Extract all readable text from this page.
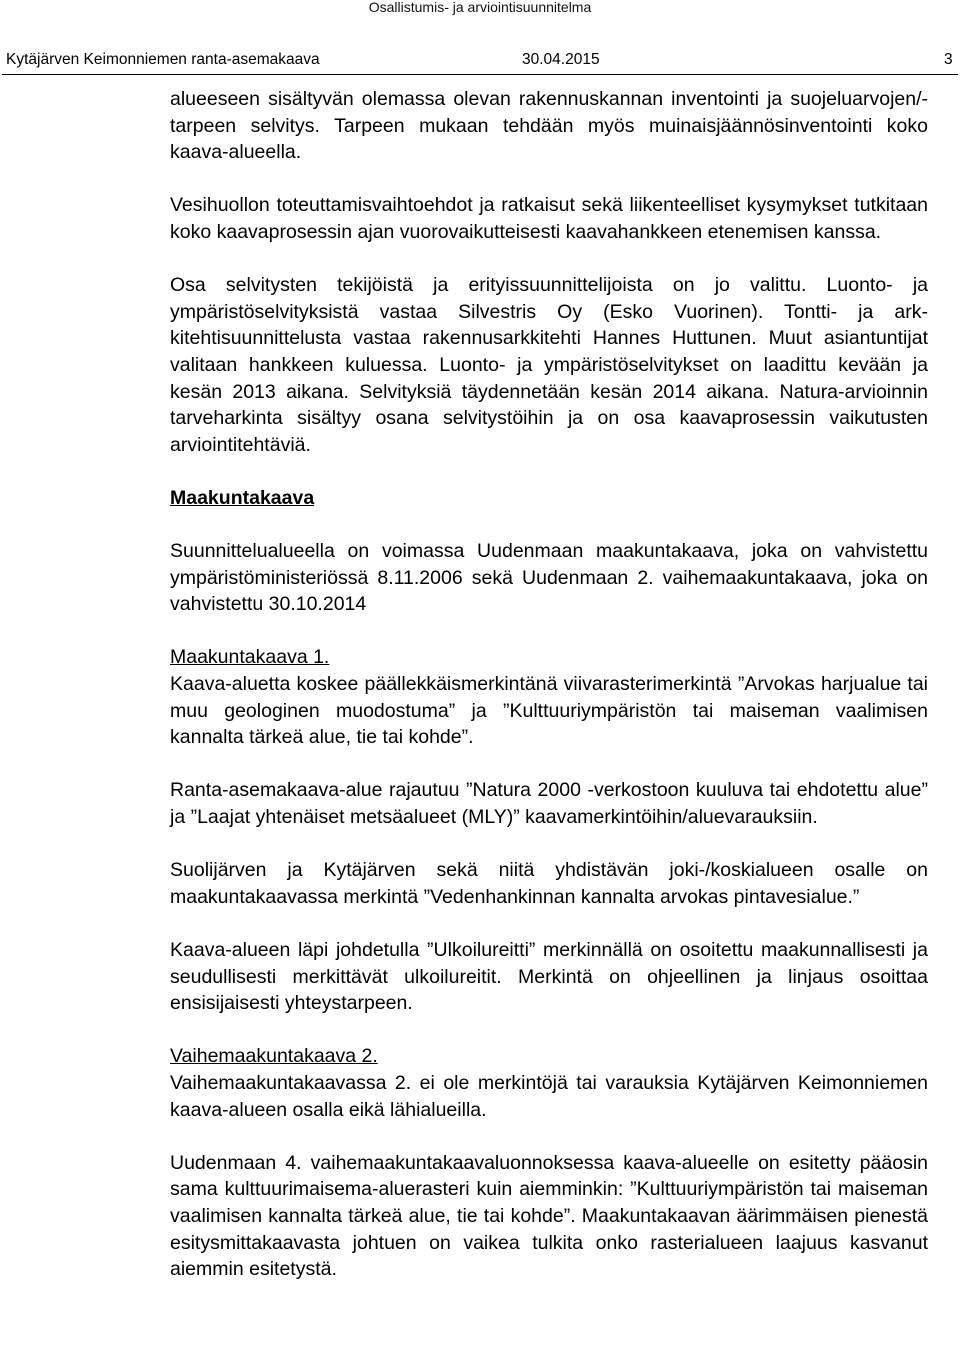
Osallistumis- ja arviointisuunnitelma
Kytäjärven Keimonniemen ranta-asemakaava	30.04.2015	3

alueeseen sisältyvän olemassa olevan rakennuskannan inventointi ja suojeluarvojen/-tarpeen selvitys. Tarpeen mukaan tehdään myös muinaisjäännösinventointi koko kaava-alueella.

Vesihuollon toteuttamisvaihtoehdot ja ratkaisut sekä liikenteelliset kysymykset tutkitaan koko kaavaprosessin ajan vuorovaikutteisesti kaavahankkeen etenemisen kanssa.

Osa selvitysten tekijöistä ja erityissuunnittelijoista on jo valittu. Luonto- ja ympäristöselvityksistä vastaa Silvestris Oy (Esko Vuorinen). Tontti- ja arkkitehtisuunnittelusta vastaa rakennusarkkitehti Hannes Huttunen. Muut asiantuntijat valitaan hankkeen kuluessa. Luonto- ja ympäristöselvitykset on laadittu kevään ja kesän 2013 aikana. Selvityksiä täydennetään kesän 2014 aikana. Natura-arvioinnin tarveharkinta sisältyy osana selvitystöihin ja on osa kaavaprosessin vaikutusten arviointitehtäviä.

Maakuntakaava

Suunnittelualueella on voimassa Uudenmaan maakuntakaava, joka on vahvistettu ympäristöministeriössä 8.11.2006 sekä Uudenmaan 2. vaihemaakuntakaava, joka on vahvistettu 30.10.2014

Maakuntakaava 1.

Kaava-aluetta koskee päällekkäismerkintänä viivarasterimerkintä ”Arvokas harjualue tai muu geologinen muodostuma” ja ”Kulttuuriympäristön tai maiseman vaalimisen kannalta tärkeä alue, tie tai kohde”.

Ranta-asemakaava-alue rajautuu ”Natura 2000 -verkostoon kuuluva tai ehdotettu alue” ja ”Laajat yhtenäiset metsäalueet (MLY)” kaavamerkintöihin/aluevarauksiin.

Suolijärven ja Kytäjärven sekä niitä yhdistävän joki-/koskialueen osalle on maakuntakaavassa merkintä ”Vedenhankinnan kannalta arvokas pintavesialue.”

Kaava-alueen läpi johdetulla ”Ulkoilureitti” merkinnällä on osoitettu maakunnallisesti ja seudullisesti merkittävät ulkoilureitit. Merkintä on ohjeellinen ja linjaus osoittaa ensisijaisesti yhteystarpeen.

Vaihemaakuntakaava 2.

Vaihemaakuntakaavassa 2. ei ole merkintöjä tai varauksia Kytäjärven Keimonniemen kaava-alueen osalla eikä lähialueilla.

Uudenmaan 4. vaihemaakuntakaavaluonnoksessa kaava-alueelle on esitetty pääosin sama kulttuurimaisema-aluerasteri kuin aiemminkin: ”Kulttuuriympäristön tai maiseman vaalimisen kannalta tärkeä alue, tie tai kohde”. Maakuntakaavan äärimmäisen pienestä esitysmittakaavasta johtuen on vaikea tulkita onko rasterialueen laajuus kasvanut aiemmin esitetystä.
